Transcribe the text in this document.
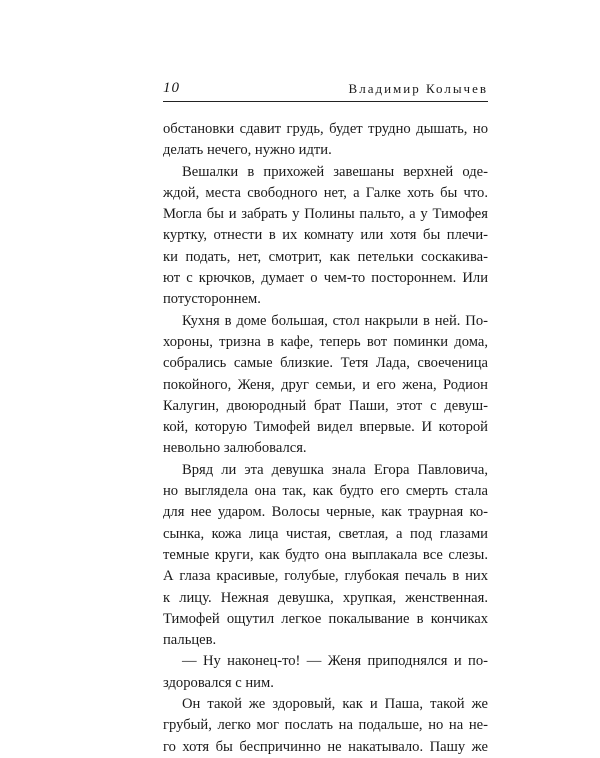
10	Владимир Колычев
обстановки сдавит грудь, будет трудно дышать, но
делать нечего, нужно идти.
Вешалки в прихожей завешаны верхней оде-
ждой, места свободного нет, а Галке хоть бы что.
Могла бы и забрать у Полины пальто, а у Тимофея
куртку, отнести в их комнату или хотя бы плечи-
ки подать, нет, смотрит, как петельки соскакива-
ют с крючков, думает о чем-то постороннем. Или
потустороннем.
Кухня в доме большая, стол накрыли в ней. По-
хороны, тризна в кафе, теперь вот поминки дома,
собрались самые близкие. Тетя Лада, своеченица
покойного, Женя, друг семьи, и его жена, Родион
Калугин, двоюродный брат Паши, этот с девуш-
кой, которую Тимофей видел впервые. И которой
невольно залюбовался.
Вряд ли эта девушка знала Егора Павловича,
но выглядела она так, как будто его смерть стала
для нее ударом. Волосы черные, как траурная ко-
сынка, кожа лица чистая, светлая, а под глазами
темные круги, как будто она выплакала все слезы.
А глаза красивые, голубые, глубокая печаль в них
к лицу. Нежная девушка, хрупкая, женственная.
Тимофей ощутил легкое покалывание в кончиках
пальцев.
— Ну наконец-то! — Женя приподнялся и по-
здоровался с ним.
Он такой же здоровый, как и Паша, такой же
грубый, легко мог послать на подальше, но на не-
го хотя бы беспричинно не накатывало. Пашу же
